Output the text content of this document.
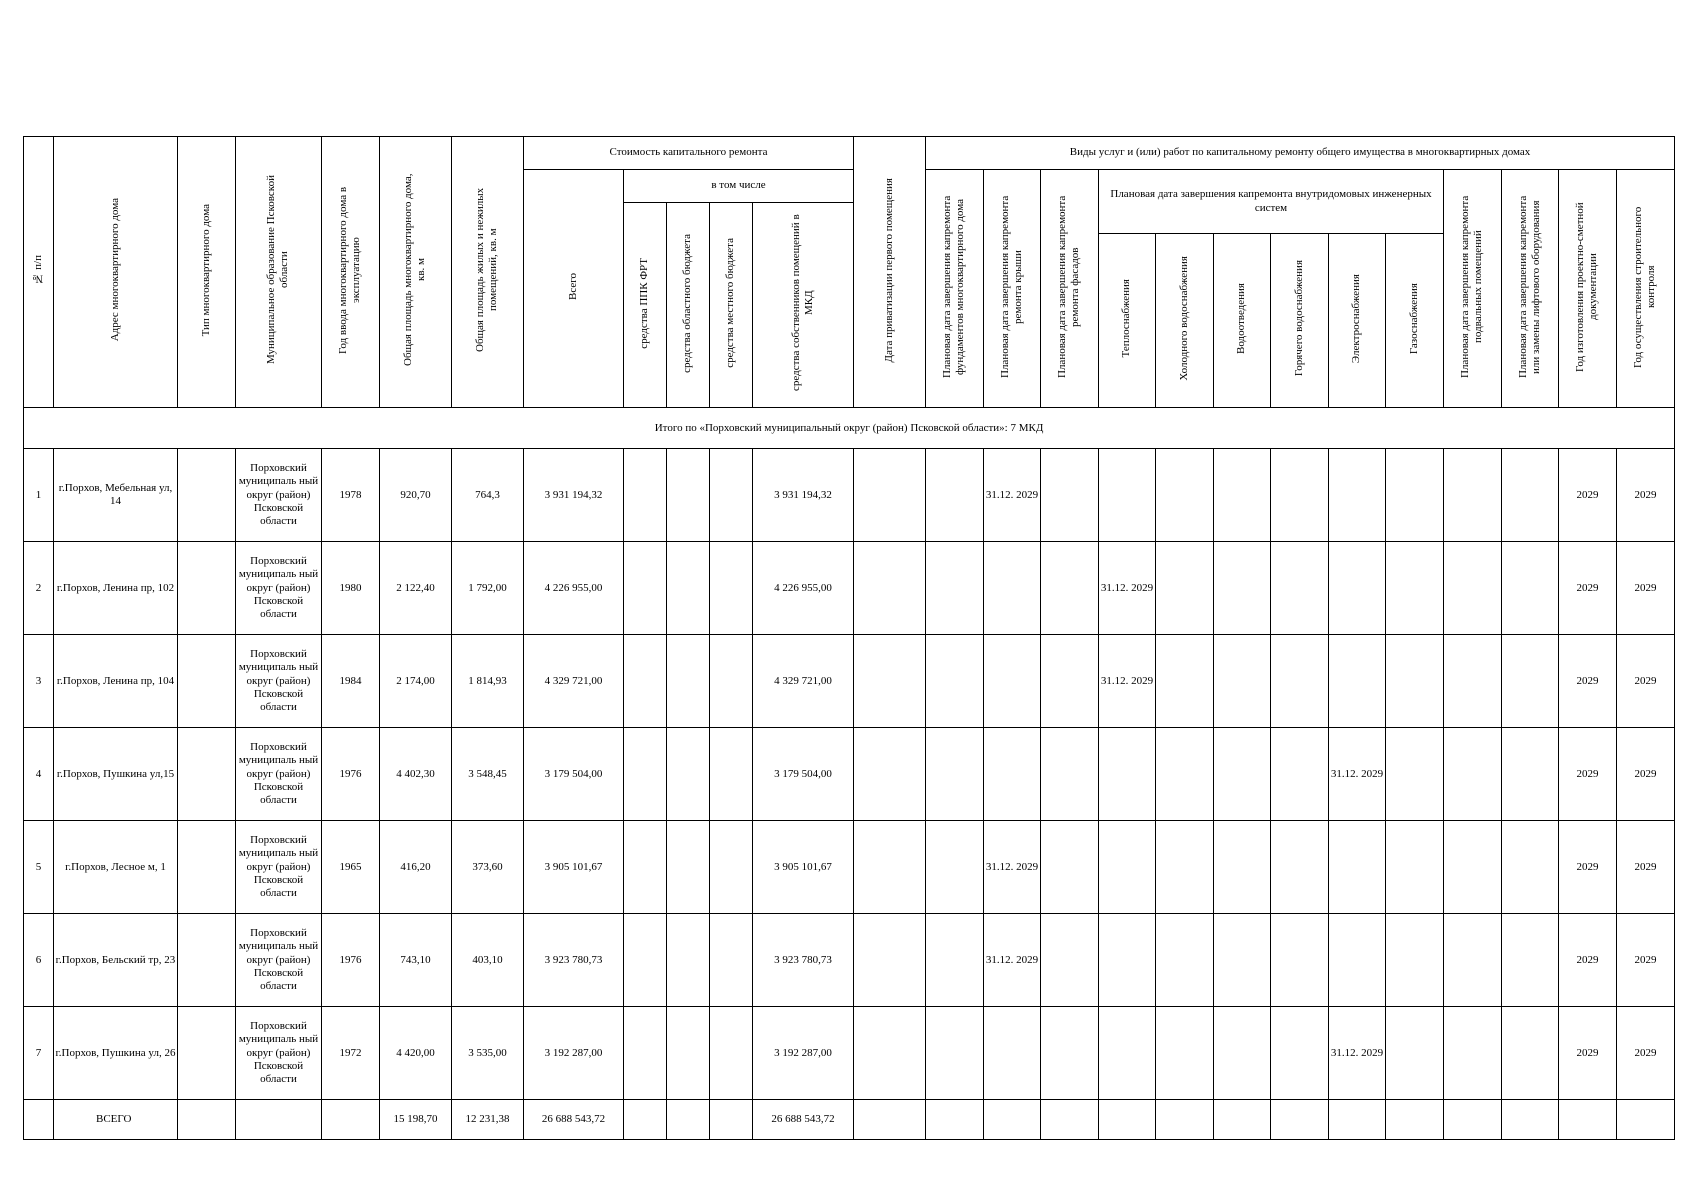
№ п/п	Адрес многоквартирного дома	Тип многоквартирного дома	Муниципальное образование Псковской области	Год ввода многоквартирного дома в эксплуатацию	Общая площадь многоквартирного дома, кв. м	Общая площадь жилых и нежилых помещений, кв. м	Стоимость капитального ремонта					Дата приватизации первого помещения	Виды услуг и (или) работ по капитальному ремонту общего имущества в многоквартирных домах												
							Всего	в том числе					Плановая дата завершения капремонта фундаментов многоквартирного дома	Плановая дата завершения капремонта ремонта крыши	Плановая дата завершения капремонта ремонта фасадов	Плановая дата завершения капремонта внутридомовых инженерных систем						Плановая дата завершения капремонта подвальных помещений	Плановая дата завершения капремонта или замены лифтового оборудования	Год изготовления проектно-сметной документации	Год осуществления строительного контроля
								средства ППК ФРТ	средства областного бюджета	средства местного бюджета	средства собственников помещений в МКД														
																Теплоснабжения	Холодного водоснабжения	Водоотведения	Горячего водоснабжения	Электроснабжения	Газоснабжения				
Итого по «Порховский муниципальный округ (район) Псковской области»: 7 МКД																									
1	г.Порхов, Мебельная ул, 14		Порховский муниципаль ный округ (район) Псковской области	1978	920,70	764,3	3 931 194,32				3 931 194,32			31.12. 2029										2029	2029
2	г.Порхов, Ленина пр, 102		Порховский муниципаль ный округ (район) Псковской области	1980	2 122,40	1 792,00	4 226 955,00				4 226 955,00					31.12. 2029								2029	2029
3	г.Порхов, Ленина пр, 104		Порховский муниципаль ный округ (район) Псковской области	1984	2 174,00	1 814,93	4 329 721,00				4 329 721,00					31.12. 2029								2029	2029
4	г.Порхов, Пушкина ул,15		Порховский муниципаль ный округ (район) Псковской области	1976	4 402,30	3 548,45	3 179 504,00				3 179 504,00									31.12. 2029				2029	2029
5	г.Порхов, Лесное м, 1		Порховский муниципаль ный округ (район) Псковской области	1965	416,20	373,60	3 905 101,67				3 905 101,67			31.12. 2029										2029	2029
6	г.Порхов, Бельский тр, 23		Порховский муниципаль ный округ (район) Псковской области	1976	743,10	403,10	3 923 780,73				3 923 780,73			31.12. 2029										2029	2029
7	г.Порхов, Пушкина ул, 26		Порховский муниципаль ный округ (район) Псковской области	1972	4 420,00	3 535,00	3 192 287,00				3 192 287,00									31.12. 2029				2029	2029
	ВСЕГО				15 198,70	12 231,38	26 688 543,72				26 688 543,72														
